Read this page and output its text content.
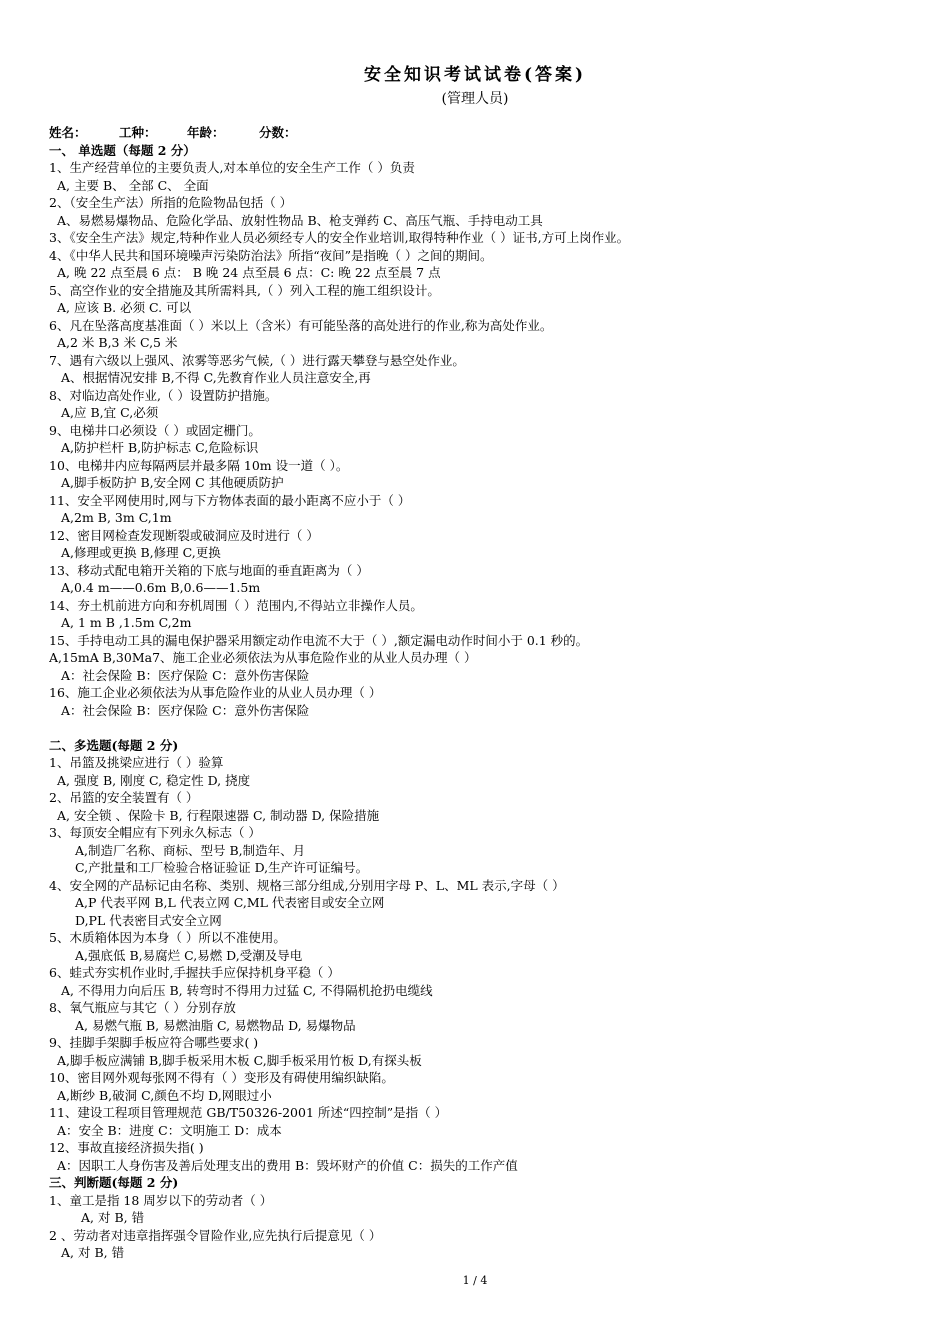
安全知识考试试卷(答案)
(管理人员)
姓名：	工种： 年龄：	分数：
一、 单选题（每题 2 分）
1、生产经营单位的主要负责人,对本单位的安全生产工作（ ）负责
A, 主要 B、 全部 C、 全面
2、（安全生产法）所指的危险物品包括（ ）
A、易燃易爆物品、危险化学品、放射性物品 B、枪支弹药 C、高压气瓶、手持电动工具
3、《安全生产法》规定,特种作业人员必须经专人的安全作业培训,取得特种作业（ ）证书,方可上岗作业。
4、《中华人民共和国环境噪声污染防治法》所指“夜间”是指晚（ ）之间的期间。
A, 晚 22 点至晨 6 点： B 晚 24 点至晨 6 点：C: 晚 22 点至晨 7 点
5、高空作业的安全措施及其所需料具,（ ）列入工程的施工组织设计。
A, 应该 B. 必须 C. 可以
6、凡在坠落高度基准面（ ）米以上（含米）有可能坠落的高处进行的作业,称为高处作业。
A,2 米 B,3 米 C,5 米
7、遇有六级以上强风、浓雾等恶劣气候,（ ）进行露天攀登与悬空处作业。
A、根据情况安排 B,不得 C,先教育作业人员注意安全,再
8、对临边高处作业,（ ）设置防护措施。
A,应 B,宜 C,必须
9、电梯井口必须设（ ）或固定栅门。
A,防护栏杆 B,防护标志 C,危险标识
10、电梯井内应每隔两层并最多隔 10m 设一道（ ）。
A,脚手板防护 B,安全网 C 其他硬质防护
11、安全平网使用时,网与下方物体表面的最小距离不应小于（ ）
A,2m B, 3m C,1m
12、密目网检查发现断裂或破洞应及时进行（ ）
A,修理或更换 B,修理 C,更换
13、移动式配电箱开关箱的下底与地面的垂直距离为（ ）
A,0.4 m——0.6m B,0.6——1.5m
14、夯土机前进方向和夯机周围（ ）范围内,不得站立非操作人员。
A, 1 m B ,1.5m C,2m
15、手持电动工具的漏电保护器采用额定动作电流不大于（ ）,额定漏电动作时间小于 0.1 秒的。
A,15mA B,30Ma7、施工企业必须依法为从事危险作业的从业人员办理（ ）
A：社会保险 B：医疗保险 C：意外伤害保险
16、施工企业必须依法为从事危险作业的从业人员办理（ ）
A：社会保险 B：医疗保险 C：意外伤害保险
二、多选题(每题 2 分)
1、吊篮及挑梁应进行（ ）验算
A, 强度 B, 刚度 C, 稳定性 D, 挠度
2、吊篮的安全装置有（ ）
A, 安全锁 、保险卡 B, 行程限速器 C, 制动器 D, 保险措施
3、每顶安全帽应有下列永久标志（ ）
A,制造厂名称、商标、型号 B,制造年、月
C,产批量和工厂检验合格证验证 D,生产许可证编号。
4、安全网的产品标记由名称、类别、规格三部分组成,分别用字母 P、L、ML 表示,字母（ ）
A,P 代表平网 B,L 代表立网 C,ML 代表密目或安全立网
D,PL 代表密目式安全立网
5、木质箱体因为本身（ ）所以不准使用。
A,强底低 B,易腐烂 C,易燃 D,受潮及导电
6、蛙式夯实机作业时,手握扶手应保持机身平稳（ ）
A, 不得用力向后压 B, 转弯时不得用力过猛 C, 不得隔机抢扔电缆线
8、氧气瓶应与其它（ ）分别存放
A, 易燃气瓶 B, 易燃油脂 C, 易燃物品 D, 易爆物品
9、挂脚手架脚手板应符合哪些要求( )
A,脚手板应满铺 B,脚手板采用木板 C,脚手板采用竹板 D,有探头板
10、密目网外观每张网不得有（ ）变形及有碍使用编织缺陷。
A,断纱 B,破洞 C,颜色不均 D,网眼过小
11、建设工程项目管理规范 GB/T50326-2001 所述“四控制”是指（ ）
A：安全 B：进度 C：文明施工 D：成本
12、事故直接经济损失指( )
A：因职工人身伤害及善后处理支出的费用 B：毁坏财产的价值 C：损失的工作产值
三、判断题(每题 2 分)
1、童工是指 18 周岁以下的劳动者（ ）
A, 对 B, 错
2 、劳动者对违章指挥强令冒险作业,应先执行后提意见（ ）
A, 对 B, 错
1 / 4
